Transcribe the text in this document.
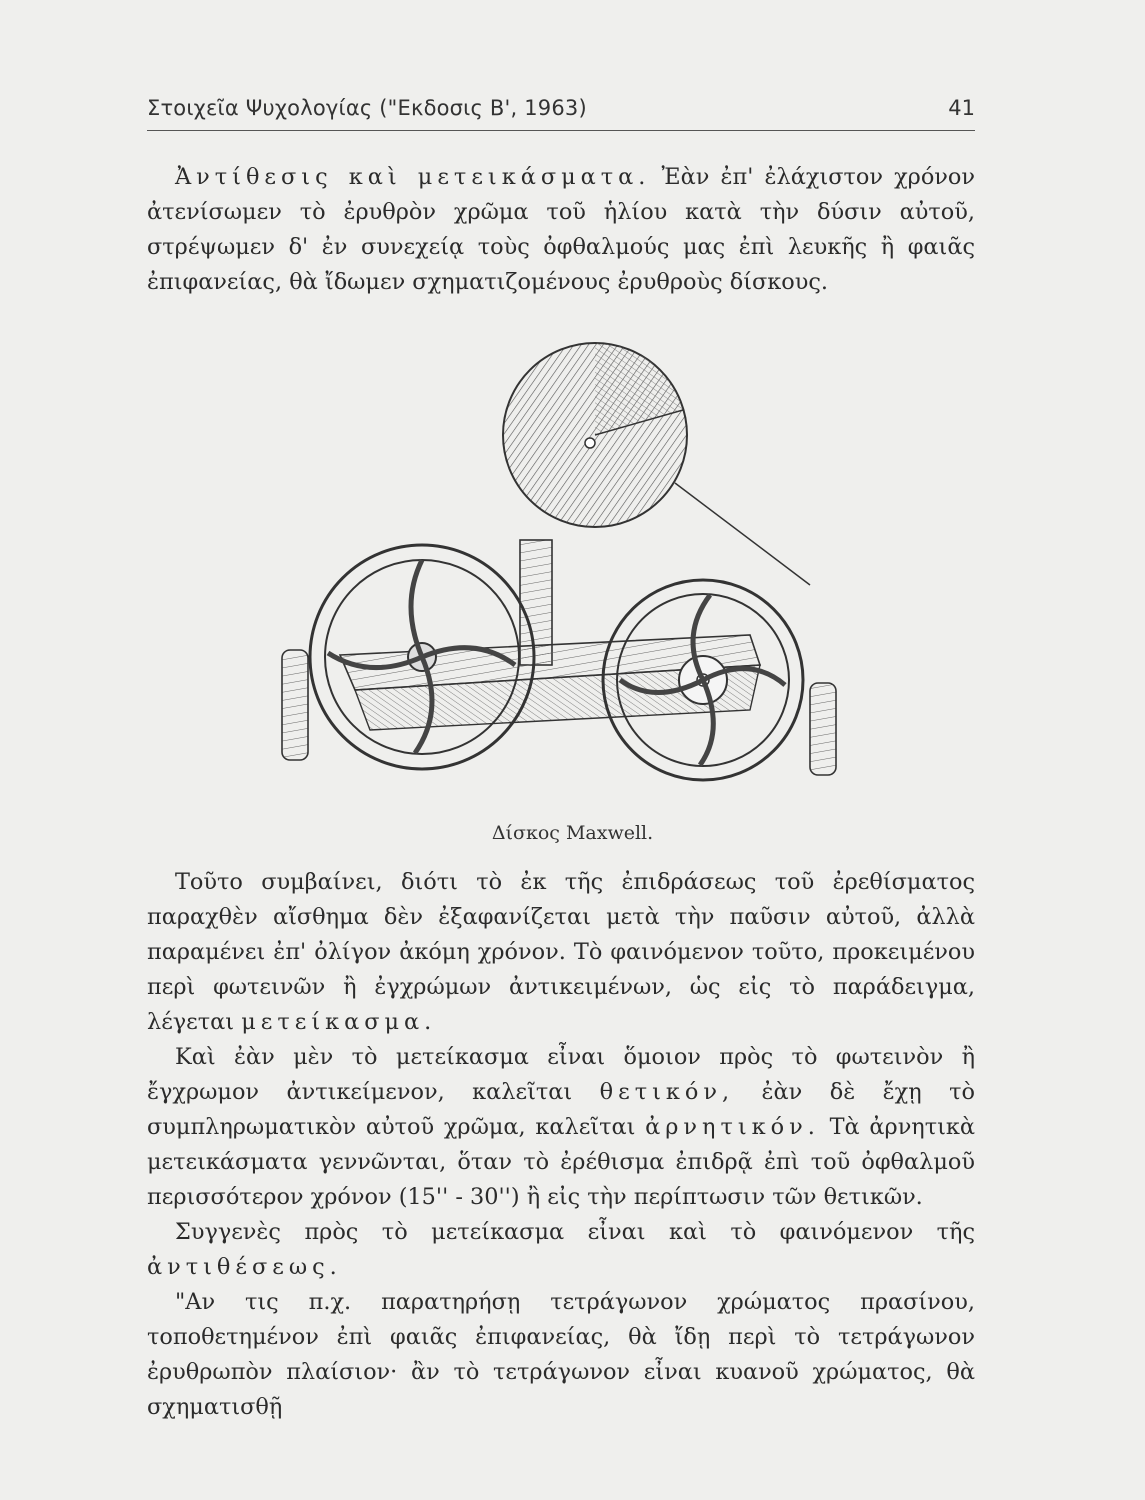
Στοιχεῖα Ψυχολογίας ("Εκδοσις Β', 1963)	41

Ἀντίθεσις καὶ μετεικάσματα. Ἐὰν ἐπ' ἐλάχιστον χρόνον ἀτενίσωμεν τὸ ἐρυθρὸν χρῶμα τοῦ ἡλίου κατὰ τὴν δύσιν αὐτοῦ, στρέψωμεν δ' ἐν συνεχείᾳ τοὺς ὀφθαλμούς μας ἐπὶ λευκῆς ἢ φαιᾶς ἐπιφανείας, θὰ ἴδωμεν σχηματιζομένους ἐρυθροὺς δίσκους.

Δίσκος Maxwell.

Τοῦτο συμβαίνει, διότι τὸ ἐκ τῆς ἐπιδράσεως τοῦ ἐρεθίσματος παραχθὲν αἴσθημα δὲν ἐξαφανίζεται μετὰ τὴν παῦσιν αὐτοῦ, ἀλλὰ παραμένει ἐπ' ὀλίγον ἀκόμη χρόνον. Τὸ φαινόμενον τοῦτο, προκειμένου περὶ φωτεινῶν ἢ ἐγχρώμων ἀντικειμένων, ὡς εἰς τὸ παράδειγμα, λέγεται μετείκασμα.

Καὶ ἐὰν μὲν τὸ μετείκασμα εἶναι ὅμοιον πρὸς τὸ φωτεινὸν ἢ ἔγχρωμον ἀντικείμενον, καλεῖται θετικόν, ἐὰν δὲ ἔχῃ τὸ συμπληρωματικὸν αὐτοῦ χρῶμα, καλεῖται ἀρνητικόν. Τὰ ἀρνητικὰ μετεικάσματα γεννῶνται, ὅταν τὸ ἐρέθισμα ἐπιδρᾷ ἐπὶ τοῦ ὀφθαλμοῦ περισσότερον χρόνον (15'' - 30'') ἢ εἰς τὴν περίπτωσιν τῶν θετικῶν.

Συγγενὲς πρὸς τὸ μετείκασμα εἶναι καὶ τὸ φαινόμενον τῆς ἀντιθέσεως.

"Αν τις π.χ. παρατηρήσῃ τετράγωνον χρώματος πρασίνου, τοποθετημένον ἐπὶ φαιᾶς ἐπιφανείας, θὰ ἴδῃ περὶ τὸ τετράγωνον ἐρυθρωπὸν πλαίσιον· ἂν τὸ τετράγωνον εἶναι κυανοῦ χρώματος, θὰ σχηματισθῇ
